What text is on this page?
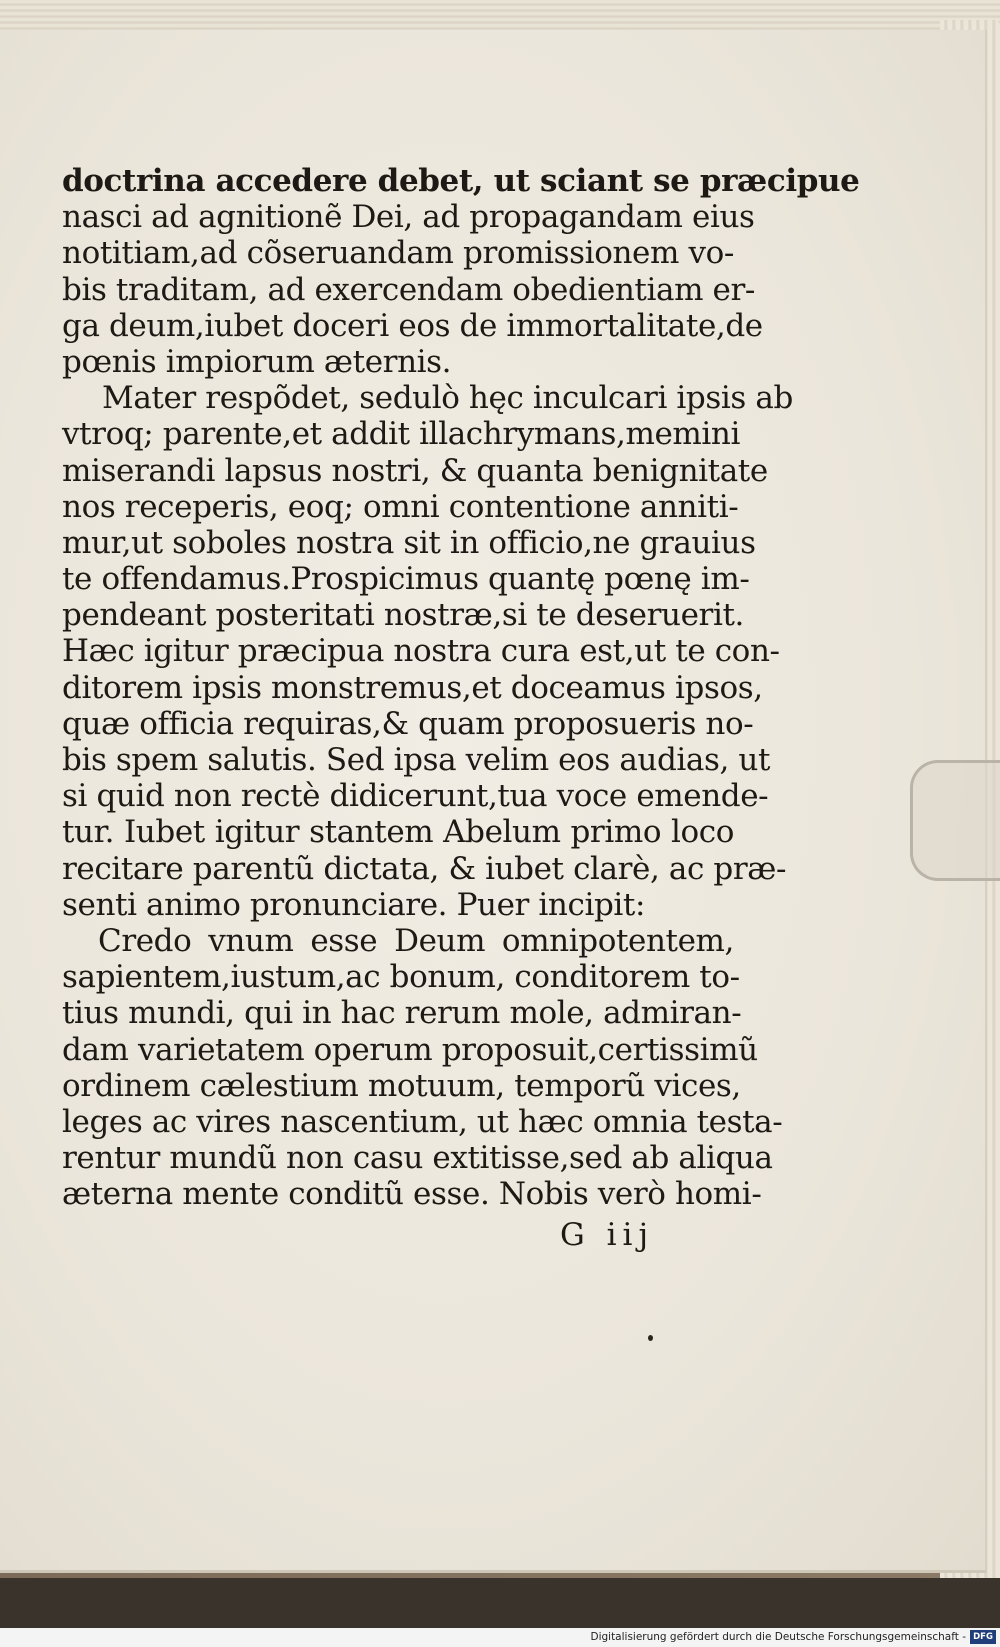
doctrina accedere debet, ut sciant se præcipue
nasci ad agnitionẽ Dei, ad propagandam eius
notitiam,ad cõseruandam promissionem vo-
bis traditam, ad exercendam obedientiam er-
ga deum,iubet doceri eos de immortalitate,de
pœnis impiorum æternis.
Mater respõdet, sedulò hęc inculcari ipsis ab
vtroq; parente,et addit illachrymans,memini
miserandi lapsus nostri, & quanta benignitate
nos receperis, eoq; omni contentione anniti-
mur,ut soboles nostra sit in officio,ne grauius
te offendamus.Prospicimus quantę pœnę im-
pendeant posteritati nostræ,si te deseruerit.
Hæc igitur præcipua nostra cura est,ut te con-
ditorem ipsis monstremus,et doceamus ipsos,
quæ officia requiras,& quam proposueris no-
bis spem salutis. Sed ipsa velim eos audias, ut
si quid non rectè didicerunt,tua voce emende-
tur. Iubet igitur stantem Abelum primo loco
recitare parentũ dictata, & iubet clarè, ac præ-
senti animo pronunciare. Puer incipit:
Credo vnum esse Deum omnipotentem,
sapientem,iustum,ac bonum, conditorem to-
tius mundi, qui in hac rerum mole, admiran-
dam varietatem operum proposuit,certissimũ
ordinem cælestium motuum, temporũ vices,
leges ac vires nascentium, ut hæc omnia testa-
rentur mundũ non casu extitisse,sed ab aliqua
æterna mente conditũ esse. Nobis verò homi-
G iij
Digitalisierung gefördert durch die Deutsche Forschungsgemeinschaft - DFG
